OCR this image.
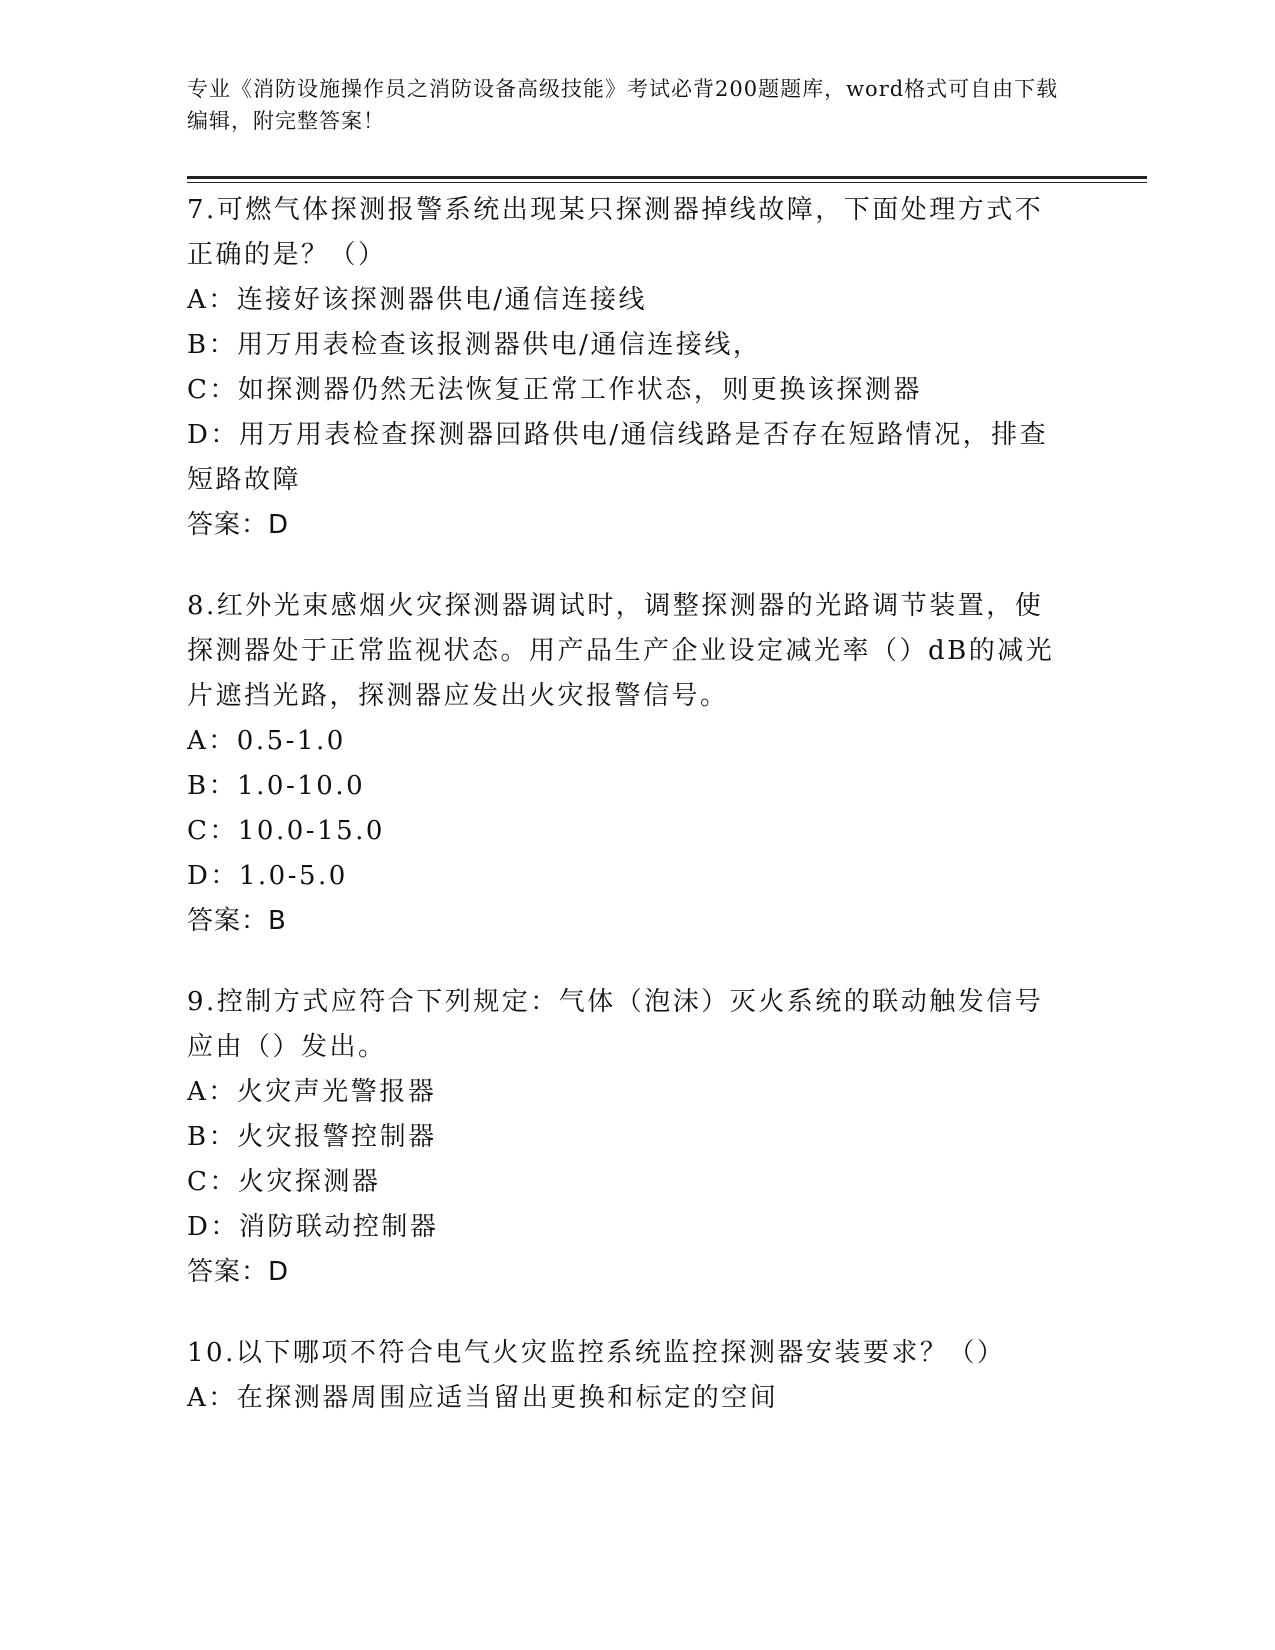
专业《消防设施操作员之消防设备高级技能》考试必背200题题库，word格式可自由下载编辑，附完整答案！

7.可燃气体探测报警系统出现某只探测器掉线故障，下面处理方式不正确的是？（）

A：连接好该探测器供电/通信连接线

B：用万用表检查该报测器供电/通信连接线，

C：如探测器仍然无法恢复正常工作状态，则更换该探测器

D：用万用表检查探测器回路供电/通信线路是否存在短路情况，排查短路故障

答案：D

8.红外光束感烟火灾探测器调试时，调整探测器的光路调节装置，使探测器处于正常监视状态。用产品生产企业设定减光率（）dB的减光片遮挡光路，探测器应发出火灾报警信号。

A：0.5-1.0

B：1.0-10.0

C：10.0-15.0

D：1.0-5.0

答案：B

9.控制方式应符合下列规定：气体（泡沫）灭火系统的联动触发信号应由（）发出。

A：火灾声光警报器

B：火灾报警控制器

C：火灾探测器

D：消防联动控制器

答案：D

10.以下哪项不符合电气火灾监控系统监控探测器安装要求？（）

A：在探测器周围应适当留出更换和标定的空间
